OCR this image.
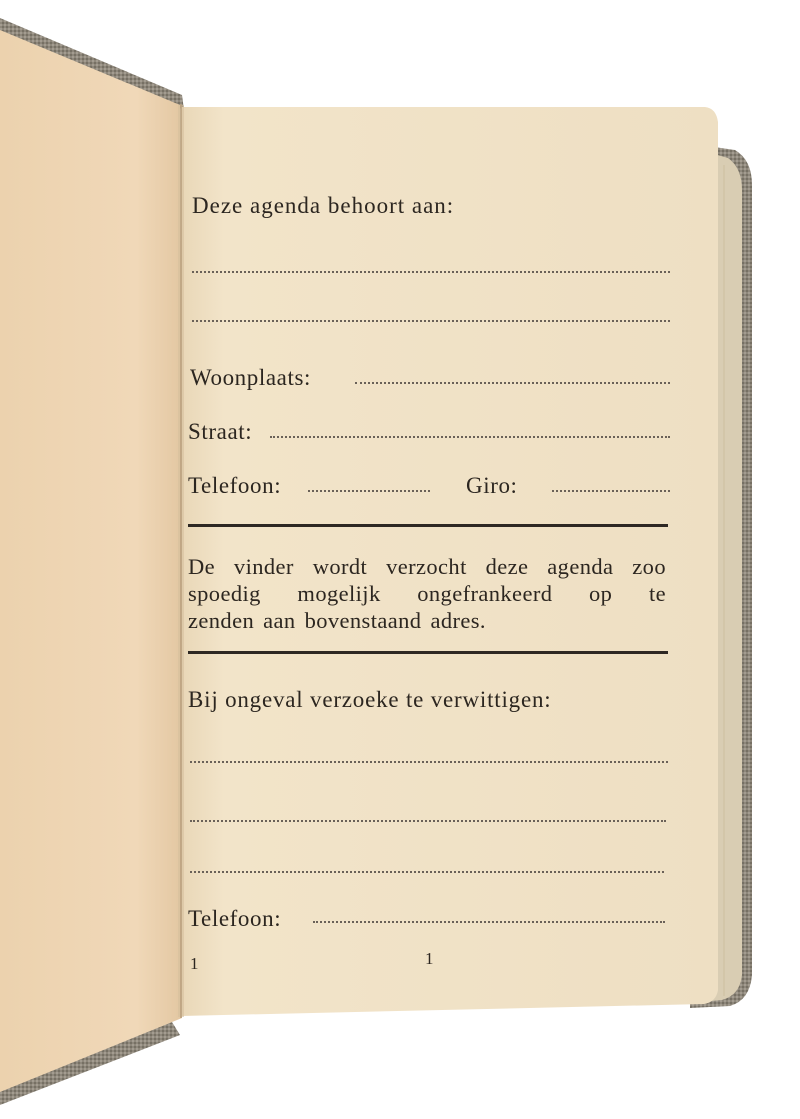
Deze agenda behoort aan:
Woonplaats:
Straat:
Telefoon:	Giro:
De vinder wordt verzocht deze agenda zoo
spoedig mogelijk ongefrankeerd op te
zenden aan bovenstaand adres.
Bij ongeval verzoeke te verwittigen:
Telefoon:
1	1
